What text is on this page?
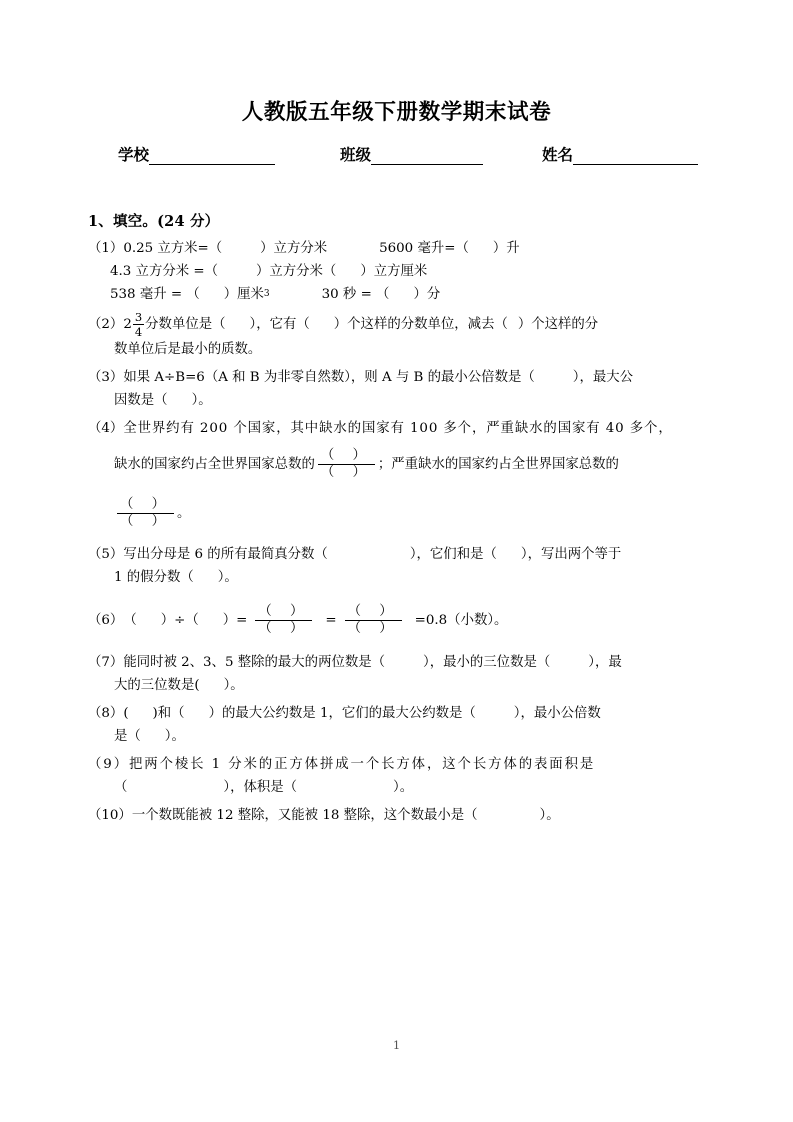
人教版五年级下册数学期末试卷
学校	班级	姓名
1、填空。(24 分）
（1） 0.25 立方米=（	）立方分米	5600 毫升=（ ）升
4.3 立方分米 =（	）立方分米（ ）立方厘米
538 毫升 = （ ）厘米 3	30 秒 = （ ）分
（2） $2 \frac{3}{4}$ 分数单位是（ ），它有（ ）个这样的分数单位，减去（ ）个这样的分
数单位后是最小的质数。
（3） 如果 A÷B=6（A 和 B 为非零自然数），则 A 与 B 的最小公倍数是（	），最大公
因数是（ ）。
（4） 全世界约有 200 个国家，其中缺水的国家有 100 多个，严重缺水的国家有 40 多个，
缺水的国家约占全世界国家总数的 $\frac{( )}{( )}$ ；严重缺水的国家约占全世界国家总数的
$\frac{( )}{( )}$ 。
（5） 写出分母是 6 的所有最简真分数（	），它们和是（ ），写出两个等于
1 的假分数（ ）。
（6） （ ）÷（ ）= $\frac{( )}{( )} = \frac{( )}{( )} =0.8$（小数）。
（7） 能同时被 2、3、5 整除的最大的两位数是（	），最小的三位数是（	），最
大的三位数是( ）。
（8） ( )和（ ）的最大公约数是 1，它们的最大公约数是（	），最小公倍数
是（ ）。
（9） 把两个棱长 1 分米的正方体拼成一个长方体，这个长方体的表面积是
（	），体积是（	）。
（10） 一个数既能被 12 整除，又能被 18 整除，这个数最小是（	）。
1
